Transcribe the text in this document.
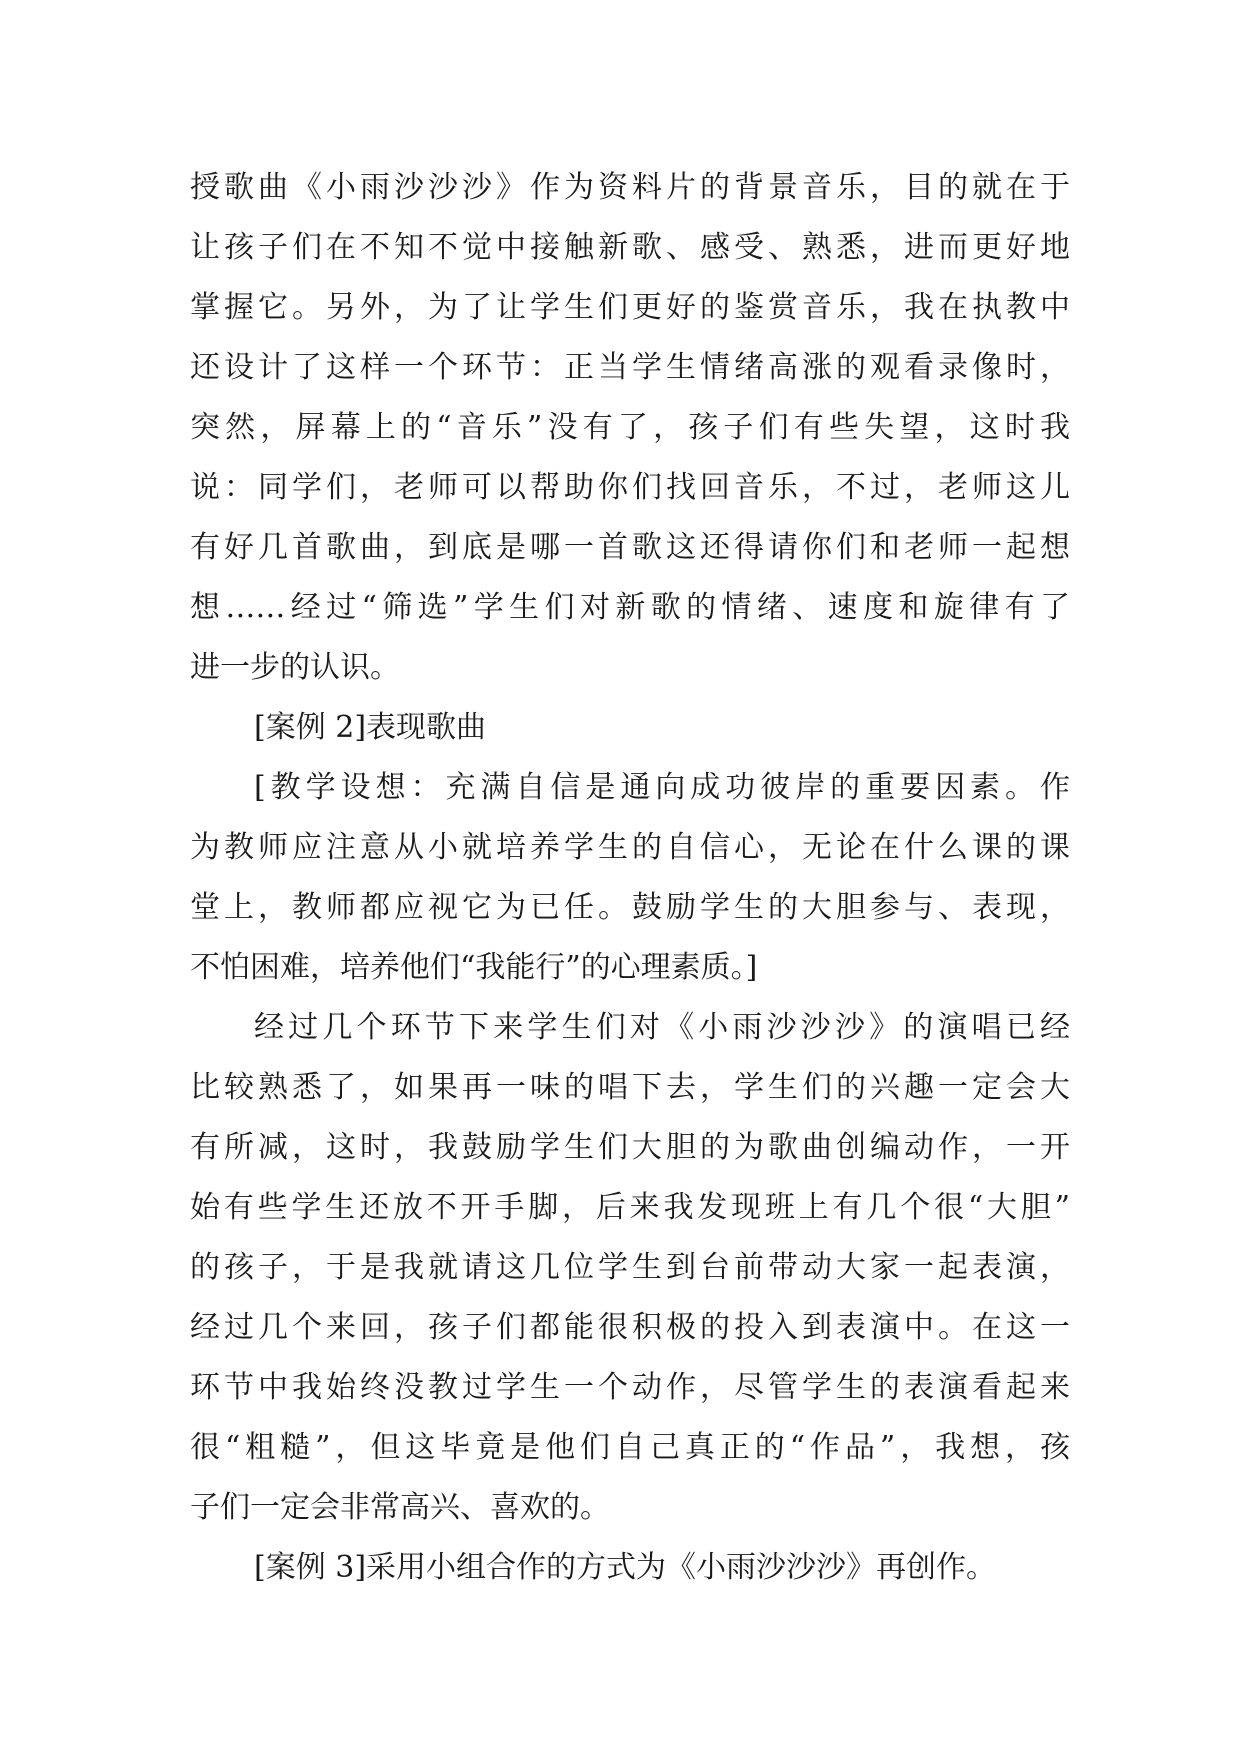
授歌曲《小雨沙沙沙》作为资料片的背景音乐，目的就在于
让孩子们在不知不觉中接触新歌、感受、熟悉，进而更好地
掌握它。另外，为了让学生们更好的鉴赏音乐，我在执教中
还设计了这样一个环节：正当学生情绪高涨的观看录像时，
突然，屏幕上的“音乐”没有了，孩子们有些失望，这时我
说：同学们，老师可以帮助你们找回音乐，不过，老师这儿
有好几首歌曲，到底是哪一首歌这还得请你们和老师一起想
想……经过“筛选”学生们对新歌的情绪、速度和旋律有了
进一步的认识。
[案例 2]表现歌曲
[教学设想：充满自信是通向成功彼岸的重要因素。作
为教师应注意从小就培养学生的自信心，无论在什么课的课
堂上，教师都应视它为已任。鼓励学生的大胆参与、表现，
不怕困难，培养他们“我能行”的心理素质。]
经过几个环节下来学生们对《小雨沙沙沙》的演唱已经
比较熟悉了，如果再一味的唱下去，学生们的兴趣一定会大
有所减，这时，我鼓励学生们大胆的为歌曲创编动作，一开
始有些学生还放不开手脚，后来我发现班上有几个很“大胆”
的孩子，于是我就请这几位学生到台前带动大家一起表演，
经过几个来回，孩子们都能很积极的投入到表演中。在这一
环节中我始终没教过学生一个动作，尽管学生的表演看起来
很“粗糙”，但这毕竟是他们自己真正的“作品”，我想，孩
子们一定会非常高兴、喜欢的。
[案例 3]采用小组合作的方式为《小雨沙沙沙》再创作。
